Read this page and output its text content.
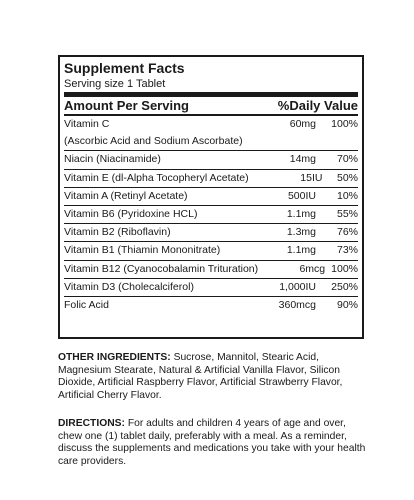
Supplement Facts
Serving size 1 Tablet
Amount Per Serving	%Daily Value
Vitamin C	60mg	100%
(Ascorbic Acid and Sodium Ascorbate)
Niacin (Niacinamide)	14mg	70%
Vitamin E (dl-Alpha Tocopheryl Acetate)	15IU	50%
Vitamin A (Retinyl Acetate)	500IU	10%
Vitamin B6 (Pyridoxine HCL)	1.1mg	55%
Vitamin B2 (Riboflavin)	1.3mg	76%
Vitamin B1 (Thiamin Mononitrate)	1.1mg	73%
Vitamin B12 (Cyanocobalamin Trituration)	6mcg 100%
Vitamin D3 (Cholecalciferol)	1,000IU	250%
Folic Acid	360mcg	90%

OTHER INGREDIENTS: Sucrose, Mannitol, Stearic Acid, Magnesium Stearate, Natural & Artificial Vanilla Flavor, Silicon Dioxide, Artificial Raspberry Flavor, Artificial Strawberry Flavor, Artificial Cherry Flavor.

DIRECTIONS: For adults and children 4 years of age and over, chew one (1) tablet daily, preferably with a meal. As a reminder, discuss the supplements and medications you take with your health care providers.
